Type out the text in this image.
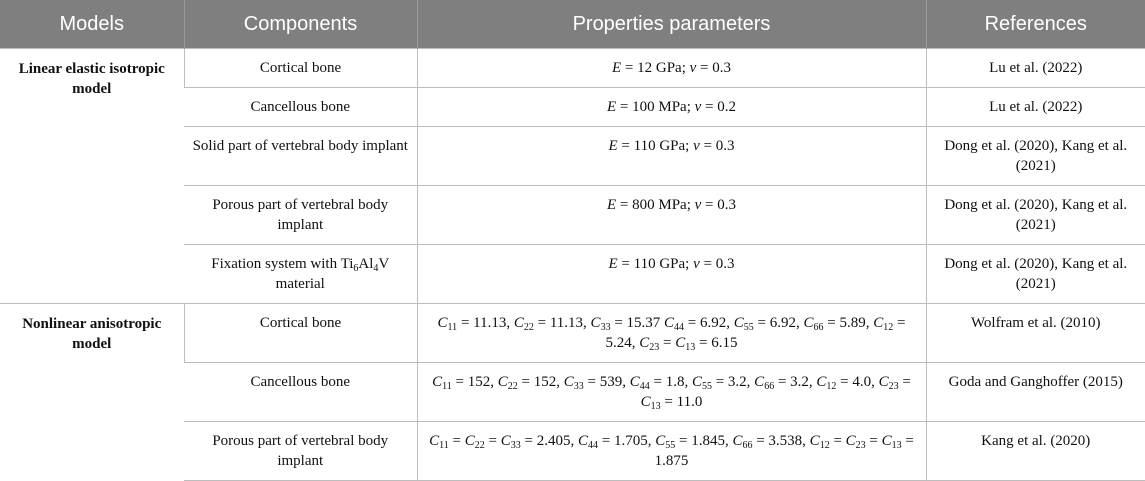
Models	Components	Properties parameters	References
Linear elastic isotropic model	Cortical bone	E = 12 GPa; ν = 0.3	Lu et al. (2022)
	Cancellous bone	E = 100 MPa; ν = 0.2	Lu et al. (2022)
	Solid part of vertebral body implant	E = 110 GPa; ν = 0.3	Dong et al. (2020), Kang et al. (2021)
	Porous part of vertebral body implant	E = 800 MPa; ν = 0.3	Dong et al. (2020), Kang et al. (2021)
	Fixation system with $Ti_6Al_4V$ material	E = 110 GPa; ν = 0.3	Dong et al. (2020), Kang et al. (2021)
Nonlinear anisotropic model	Cortical bone	$C_{11} = 11.13$, $C_{22} = 11.13$, $C_{33} = 15.37$ $C_{44} = 6.92$, $C_{55} = 6.92$, $C_{66} = 5.89$, $C_{12} = 5.24$, $C_{23} = C_{13} = 6.15$	Wolfram et al. (2010)
	Cancellous bone	$C_{11} = 152$, $C_{22} = 152$, $C_{33} = 539$, $C_{44} = 1.8$, $C_{55} = 3.2$, $C_{66} = 3.2$, $C_{12} = 4.0$, $C_{23} = C_{13} = 11.0$	Goda and Ganghoffer (2015)
	Porous part of vertebral body implant	$C_{11} = C_{22} = C_{33} = 2.405$, $C_{44} = 1.705$, $C_{55} = 1.845$, $C_{66} = 3.538$, $C_{12} = C_{23} = C_{13} = 1.875$	Kang et al. (2020)
